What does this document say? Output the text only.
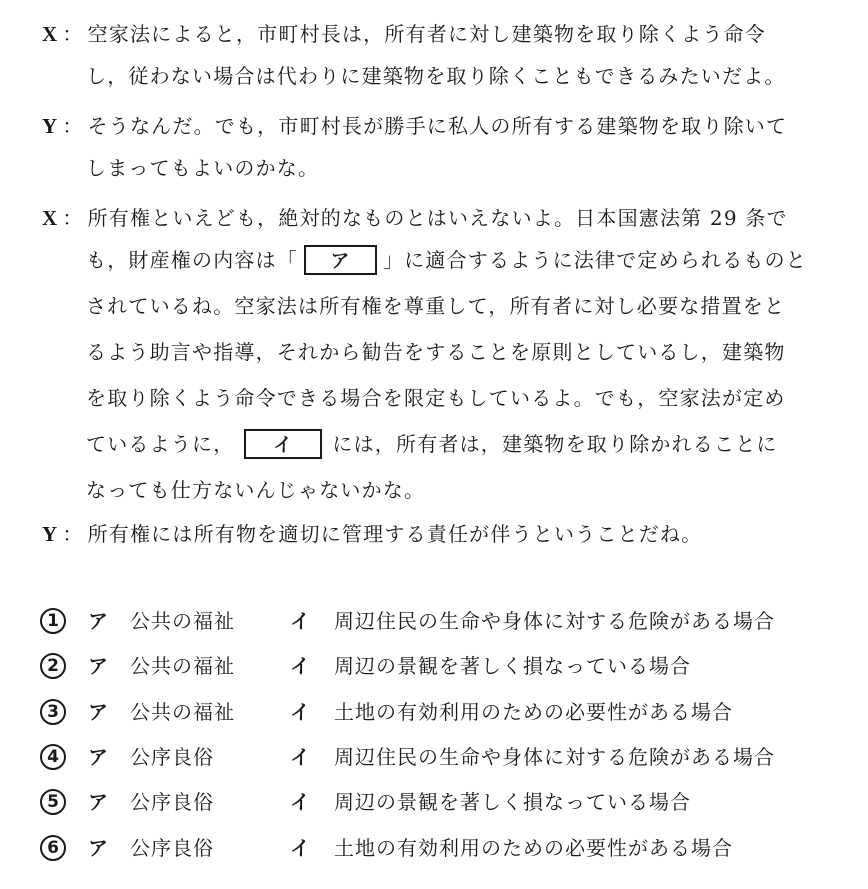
X ： 空家法によると，市町村長は，所有者に対し建築物を取り除くよう命令
し，従わない場合は代わりに建築物を取り除くこともできるみたいだよ。
Y ： そうなんだ。でも，市町村長が勝手に私人の所有する建築物を取り除いて
しまってもよいのかな。
X ： 所有権といえども，絶対的なものとはいえないよ。日本国憲法第 29 条で
も，財産権の内容は「 ア 」に適合するように法律で定められるものと
されているね。空家法は所有権を尊重して，所有者に対し必要な措置をと
るよう助言や指導，それから勧告をすることを原則としているし，建築物
を取り除くよう命令できる場合を限定もしているよ。でも，空家法が定め
ているように， イ には，所有者は，建築物を取り除かれることに
なっても仕方ないんじゃないかな。
Y ： 所有権には所有物を適切に管理する責任が伴うということだね。
1	ア 公共の福祉	イ 周辺住民の生命や身体に対する危険がある場合
2	ア 公共の福祉	イ 周辺の景観を著しく損なっている場合
3	ア 公共の福祉	イ 土地の有効利用のための必要性がある場合
4	ア 公序良俗	イ 周辺住民の生命や身体に対する危険がある場合
5	ア 公序良俗	イ 周辺の景観を著しく損なっている場合
6	ア 公序良俗	イ 土地の有効利用のための必要性がある場合
